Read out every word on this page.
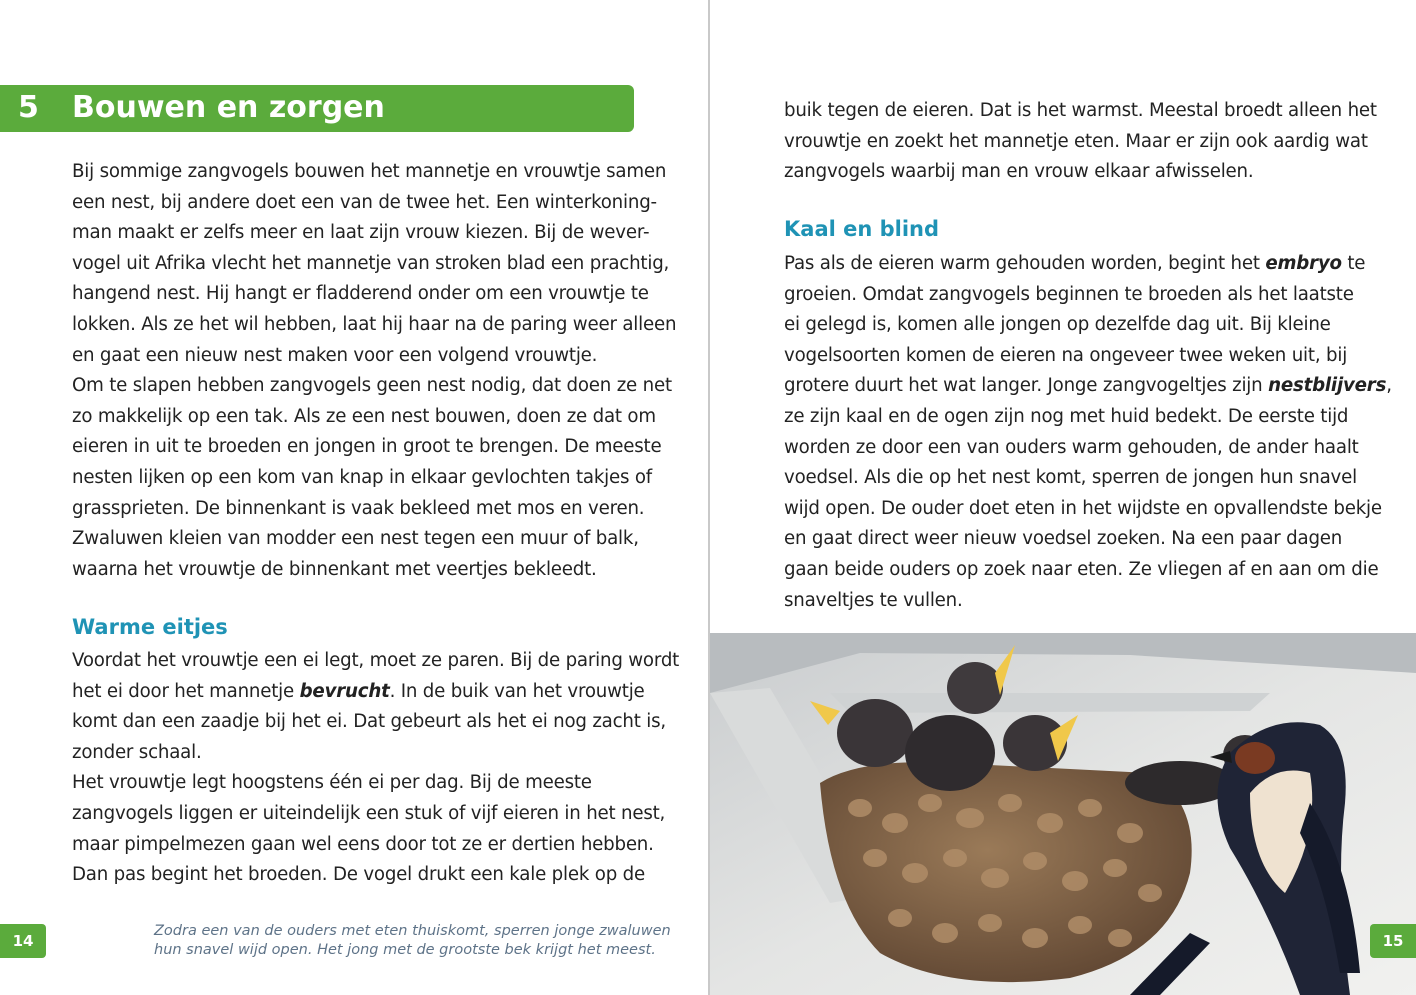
5 Bouwen en zorgen
Bij sommige zangvogels bouwen het mannetje en vrouwtje samen
een nest, bij andere doet een van de twee het. Een winterkoning-
man maakt er zelfs meer en laat zijn vrouw kiezen. Bij de wever-
vogel uit Afrika vlecht het mannetje van stroken blad een prachtig,
hangend nest. Hij hangt er fladderend onder om een vrouwtje te
lokken. Als ze het wil hebben, laat hij haar na de paring weer alleen
en gaat een nieuw nest maken voor een volgend vrouwtje.
Om te slapen hebben zangvogels geen nest nodig, dat doen ze net
zo makkelijk op een tak. Als ze een nest bouwen, doen ze dat om
eieren in uit te broeden en jongen in groot te brengen. De meeste
nesten lijken op een kom van knap in elkaar gevlochten takjes of
grassprieten. De binnenkant is vaak bekleed met mos en veren.
Zwaluwen kleien van modder een nest tegen een muur of balk,
waarna het vrouwtje de binnenkant met veertjes bekleedt.
Warme eitjes
Voordat het vrouwtje een ei legt, moet ze paren. Bij de paring wordt
het ei door het mannetje bevrucht. In de buik van het vrouwtje
komt dan een zaadje bij het ei. Dat gebeurt als het ei nog zacht is,
zonder schaal.
Het vrouwtje legt hoogstens één ei per dag. Bij de meeste
zangvogels liggen er uiteindelijk een stuk of vijf eieren in het nest,
maar pimpelmezen gaan wel eens door tot ze er dertien hebben.
Dan pas begint het broeden. De vogel drukt een kale plek op de
14
Zodra een van de ouders met eten thuiskomt, sperren jonge zwaluwen
hun snavel wijd open. Het jong met de grootste bek krijgt het meest.
buik tegen de eieren. Dat is het warmst. Meestal broedt alleen het
vrouwtje en zoekt het mannetje eten. Maar er zijn ook aardig wat
zangvogels waarbij man en vrouw elkaar afwisselen.
Kaal en blind
Pas als de eieren warm gehouden worden, begint het embryo te
groeien. Omdat zangvogels beginnen te broeden als het laatste
ei gelegd is, komen alle jongen op dezelfde dag uit. Bij kleine
vogelsoorten komen de eieren na ongeveer twee weken uit, bij
grotere duurt het wat langer. Jonge zangvogeltjes zijn nestblijvers,
ze zijn kaal en de ogen zijn nog met huid bedekt. De eerste tijd
worden ze door een van ouders warm gehouden, de ander haalt
voedsel. Als die op het nest komt, sperren de jongen hun snavel
wijd open. De ouder doet eten in het wijdste en opvallendste bekje
en gaat direct weer nieuw voedsel zoeken. Na een paar dagen
gaan beide ouders op zoek naar eten. Ze vliegen af en aan om die
snaveltjes te vullen.
15
